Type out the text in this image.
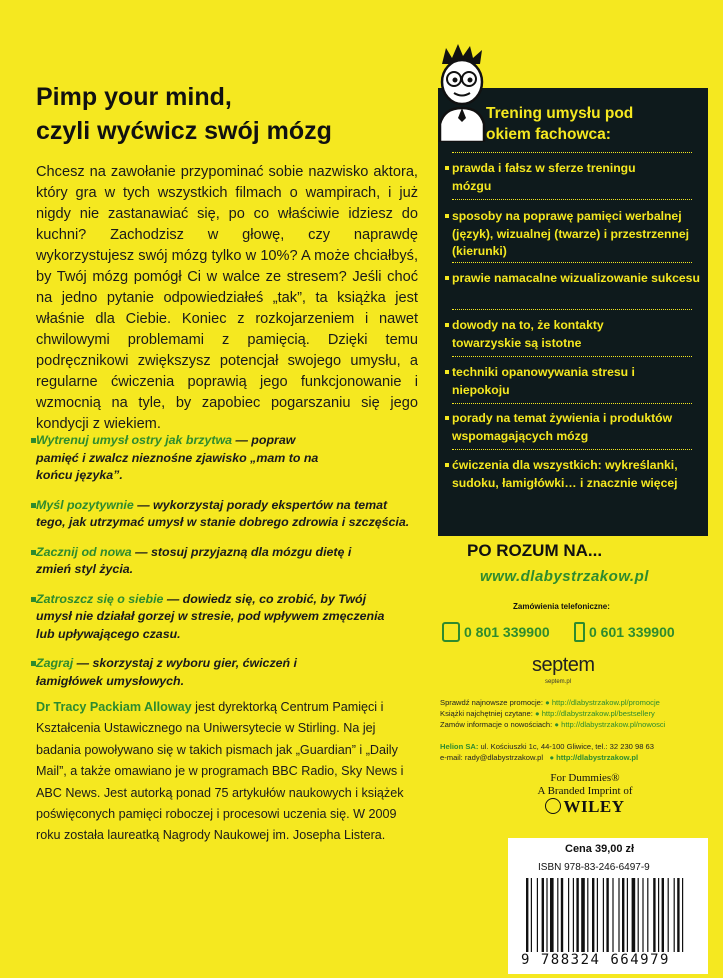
Pimp your mind,
czyli wyćwicz swój mózg
Chcesz na zawołanie przypominać sobie nazwisko aktora, który gra w tych wszystkich filmach o wampirach, i już nigdy nie zastanawiać się, po co właściwie idziesz do kuchni? Zachodzisz w głowę, czy naprawdę wykorzystujesz swój mózg tylko w 10%? A może chciałbyś, by Twój mózg pomógł Ci w walce ze stresem? Jeśli choć na jedno pytanie odpowiedziałeś „tak”, ta książka jest właśnie dla Ciebie. Koniec z rozkojarzeniem i nawet chwilowymi problemami z pamięcią. Dzięki temu podręcznikowi zwiększysz potencjał swojego umysłu, a regularne ćwiczenia poprawią jego funkcjonowanie i wzmocnią na tyle, by zapobiec pogarszaniu się jego kondycji z wiekiem.
Wytrenuj umysł ostry jak brzytwa — popraw pamięć i zwalcz nieznośne zjawisko „mam to na końcu języka”.
Myśl pozytywnie — wykorzystaj porady ekspertów na temat tego, jak utrzymać umysł w stanie dobrego zdrowia i szczęścia.
Zacznij od nowa — stosuj przyjazną dla mózgu dietę i zmień styl życia.
Zatroszcz się o siebie — dowiedz się, co zrobić, by Twój umysł nie działał gorzej w stresie, pod wpływem zmęczenia lub upływającego czasu.
Zagraj — skorzystaj z wyboru gier, ćwiczeń i łamigłówek umysłowych.
Dr Tracy Packiam Alloway jest dyrektorką Centrum Pamięci i Kształcenia Ustawicznego na Uniwersytecie w Stirling. Na jej badania powoływano się w takich pismach jak „Guardian” i „Daily Mail”, a także omawiano je w programach BBC Radio, Sky News i ABC News. Jest autorką ponad 75 artykułów naukowych i książek poświęconych pamięci roboczej i procesowi uczenia się. W 2009 roku została laureatką Nagrody Naukowej im. Josepha Listera.
Trening umysłu pod
okiem fachowca:
prawda i fałsz w sferze treningu mózgu
sposoby na poprawę pamięci werbalnej (język), wizualnej (twarze) i przestrzennej (kierunki)
prawie namacalne wizualizowanie sukcesu
dowody na to, że kontakty towarzyskie są istotne
techniki opanowywania stresu i niepokoju
porady na temat żywienia i produktów wspomagających mózg
ćwiczenia dla wszystkich: wykreślanki, sudoku, łamigłówki… i znacznie więcej
PO ROZUM NA...
www.dlabystrzakow.pl
Zamówienia telefoniczne:
0 801 339900	0 601 339900
septem
septem.pl
Sprawdź najnowsze promocje: ● http://dlabystrzakow.pl/promocje
Książki najchętniej czytane: ● http://dlabystrzakow.pl/bestsellery
Zamów informacje o nowościach: ● http://dlabystrzakow.pl/nowosci
Helion SA: ul. Kościuszki 1c, 44-100 Gliwice, tel.: 32 230 98 63
e-mail: rady@dlabystrzakow.pl ● http://dlabystrzakow.pl
For Dummies®
A Branded Imprint of
WILEY
Cena 39,00 zł
ISBN 978-83-246-6497-9
9 788324 664979
